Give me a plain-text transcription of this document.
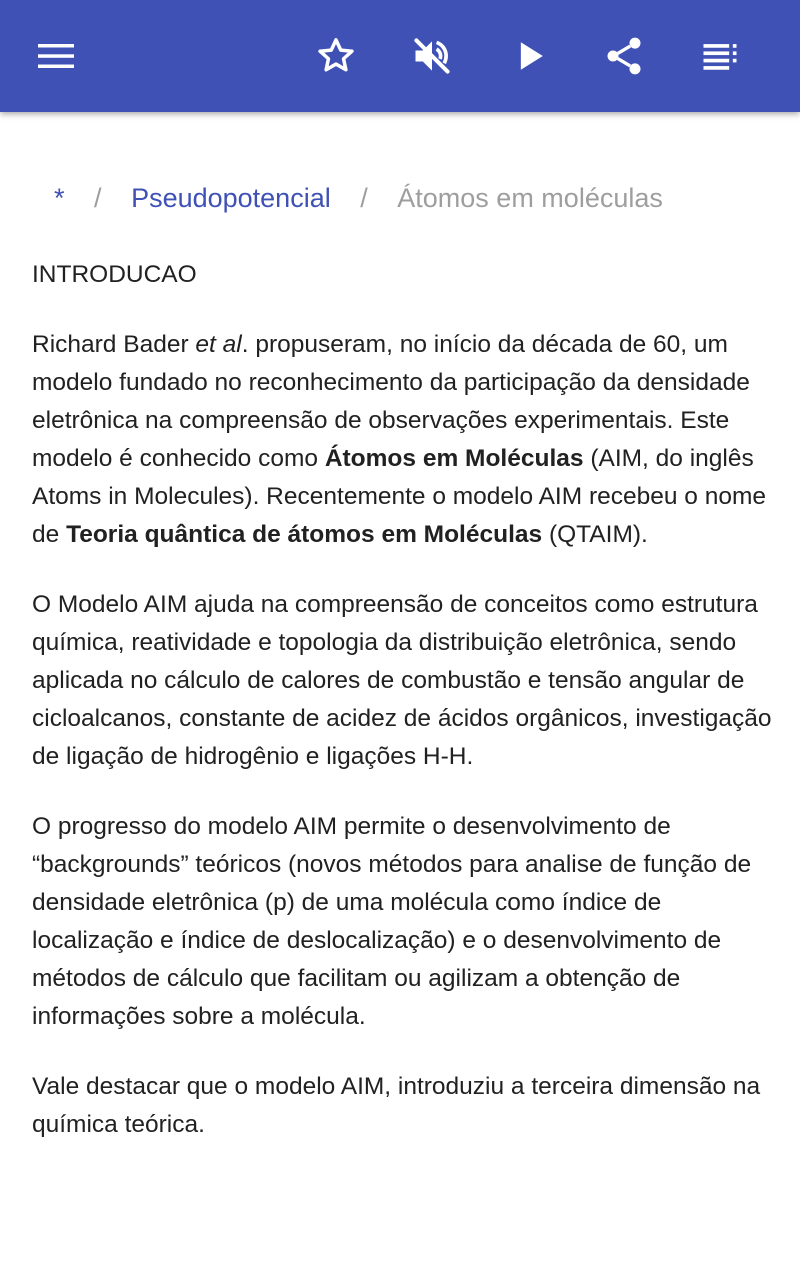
* / Pseudopotencial / Átomos em moléculas
INTRODUCAO

Richard Bader et al. propuseram, no início da década de 60, um modelo fundado no reconhecimento da participação da densidade eletrônica na compreensão de observações experimentais. Este modelo é conhecido como Átomos em Moléculas (AIM, do inglês Atoms in Molecules). Recentemente o modelo AIM recebeu o nome de Teoria quântica de átomos em Moléculas (QTAIM).

O Modelo AIM ajuda na compreensão de conceitos como estrutura química, reatividade e topologia da distribuição eletrônica, sendo aplicada no cálculo de calores de combustão e tensão angular de cicloalcanos, constante de acidez de ácidos orgânicos, investigação de ligação de hidrogênio e ligações H-H.

O progresso do modelo AIM permite o desenvolvimento de “backgrounds” teóricos (novos métodos para analise de função de densidade eletrônica (p) de uma molécula como índice de localização e índice de deslocalização) e o desenvolvimento de métodos de cálculo que facilitam ou agilizam a obtenção de informações sobre a molécula.

Vale destacar que o modelo AIM, introduziu a terceira dimensão na química teórica.
